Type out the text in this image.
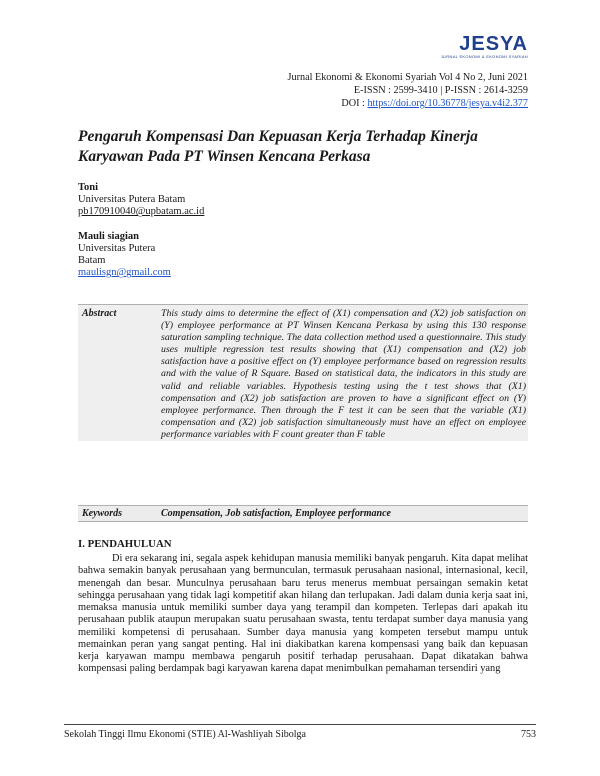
JESYA
JURNAL EKONOMI & EKONOMI SYARIAH
Jurnal Ekonomi & Ekonomi Syariah Vol 4 No 2, Juni 2021
E-ISSN : 2599-3410 | P-ISSN : 2614-3259
DOI : https://doi.org/10.36778/jesya.v4i2.377
Pengaruh Kompensasi Dan Kepuasan Kerja Terhadap Kinerja Karyawan Pada PT Winsen Kencana Perkasa
Toni
Universitas Putera Batam
pb170910040@upbatam.ac.id
Mauli siagian
Universitas Putera
Batam
maulisgn@gmail.com
Abstract	This study aims to determine the effect of (X1) compensation and (X2) job satisfaction on (Y) employee performance at PT Winsen Kencana Perkasa by using this 130 response saturation sampling technique. The data collection method used a questionnaire. This study uses multiple regression test results showing that (X1) compensation and (X2) job satisfaction have a positive effect on (Y) employee performance based on regression results and with the value of R Square. Based on statistical data, the indicators in this study are valid and reliable variables. Hypothesis testing using the t test shows that (X1) compensation and (X2) job satisfaction are proven to have a significant effect on (Y) employee performance. Then through the F test it can be seen that the variable (X1) compensation and (X2) job satisfaction simultaneously must have an effect on employee performance variables with F count greater than F table
Keywords	Compensation, Job satisfaction, Employee performance
I. PENDAHULUAN
Di era sekarang ini, segala aspek kehidupan manusia memiliki banyak pengaruh. Kita dapat melihat bahwa semakin banyak perusahaan yang bermunculan, termasuk perusahaan nasional, internasional, kecil, menengah dan besar. Munculnya perusahaan baru terus menerus membuat persaingan semakin ketat sehingga perusahaan yang tidak lagi kompetitif akan hilang dan terlupakan. Jadi dalam dunia kerja saat ini, memaksa manusia untuk memiliki sumber daya yang terampil dan kompeten. Terlepas dari apakah itu perusahaan publik ataupun merupakan suatu perusahaan swasta, tentu terdapat sumber daya manusia yang memiliki kompetensi di perusahaan. Sumber daya manusia yang kompeten tersebut mampu untuk memainkan peran yang sangat penting. Hal ini diakibatkan karena kompensasi yang baik dan kepuasan kerja karyawan mampu membawa pengaruh positif terhadap perusahaan. Dapat dikatakan bahwa kompensasi paling berdampak bagi karyawan karena dapat menimbulkan pemahaman tersendiri yang
Sekolah Tinggi Ilmu Ekonomi (STIE) Al-Washliyah Sibolga	753
